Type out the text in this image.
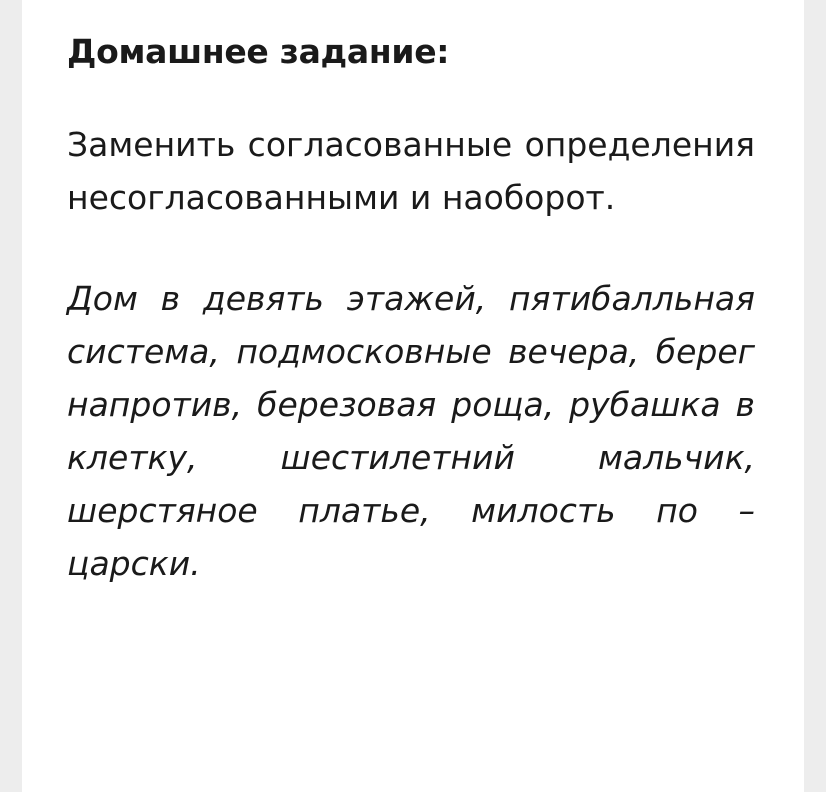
Домашнее задание:

Заменить согласованные определения несогласованными и наоборот.

Дом в девять этажей, пятибалльная система, подмосковные вечера, берег напротив, березовая роща, рубашка в клетку, шестилетний мальчик, шерстяное платье, милость по – царски.
